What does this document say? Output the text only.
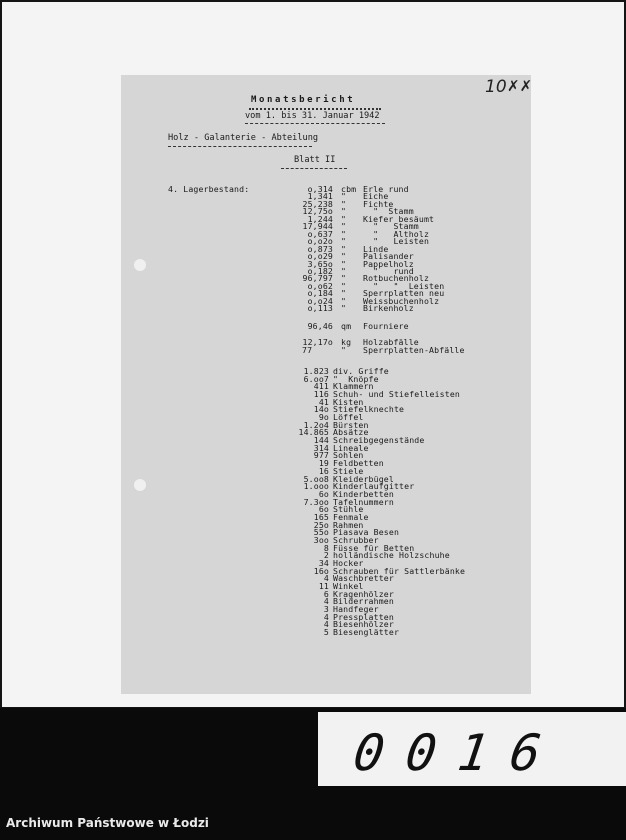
10 ✗✗
Monatsbericht
vom 1. bis 31. Januar 1942
Holz - Galanterie - Abteilung
Blatt II
4. Lagerbestand:	o,314 cbm Erle rund
1,341 " Eiche
25,238 " Fichte
12,75o " "  Stamm
1,244 " Kiefer besäumt
17,944 " "   Stamm
o,637 " "   Altholz
o,o2o " "   Leisten
o,873 " Linde
o,o29 " Palisander
3,65o " Pappelholz
o,182 " "   rund
96,797 " Rotbuchenholz
o,o62 " "   "  Leisten
o,184 " Sperrplatten neu
o,o24 " Weissbuchenholz
o,113 " Birkenholz
96,46 qm Fourniere
12,17o kg Holzabfälle
77	" Sperrplatten-Abfälle
1.823 div. Griffe
6.oo7 "  Knöpfe
411 Klammern
116 Schuh- und Stiefelleisten
41 Kisten
14o Stiefelknechte
9o Löffel
1.2o4 Bürsten
14.865 Absätze
144 Schreibgegenstände
314 Lineale
977 Sohlen
19 Feldbetten
16 Stiele
5.oo8 Kleiderbügel
1.ooo Kinderlaufgitter
6o Kinderbetten
7.3oo Tafelnummern
6o Stühle
165 Fenmale
25o Rahmen
55o Piasava Besen
3oo Schrubber
8 Füsse für Betten
2 holländische Holzschuhe
34 Hocker
16o Schrauben für Sattlerbänke
4 Waschbretter
11 Winkel
6 Kragenhölzer
4 Bilderrahmen
3 Handfeger
4 Pressplatten
4 Biesenhölzer
5 Biesenglätter
0016
Archiwum Państwowe w Łodzi
